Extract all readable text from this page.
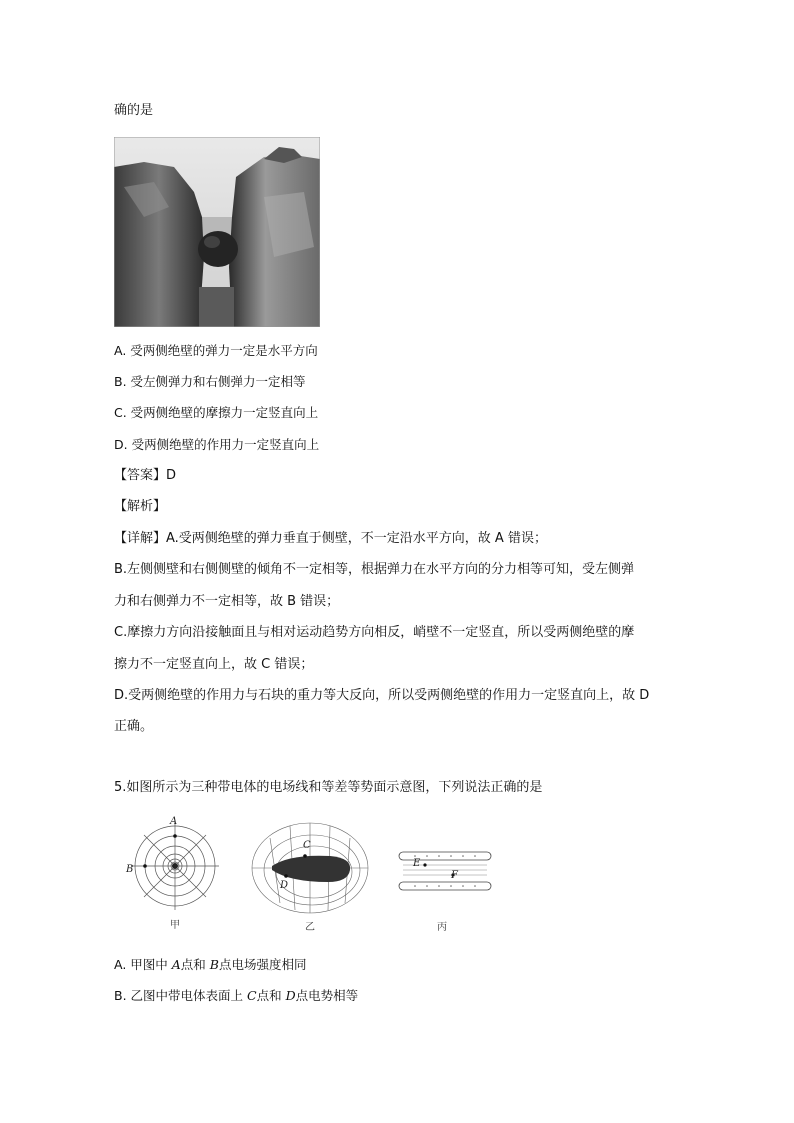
确的是
A. 受两侧绝壁的弹力一定是水平方向
B. 受左侧弹力和右侧弹力一定相等
C. 受两侧绝壁的摩擦力一定竖直向上
D. 受两侧绝壁的作用力一定竖直向上
【答案】D
【解析】
【详解】A.受两侧绝壁的弹力垂直于侧壁，不一定沿水平方向，故 A 错误；
B.左侧侧壁和右侧侧壁的倾角不一定相等，根据弹力在水平方向的分力相等可知，受左侧弹
力和右侧弹力不一定相等，故 B 错误；
C.摩擦力方向沿接触面且与相对运动趋势方向相反，峭壁不一定竖直，所以受两侧绝壁的摩
擦力不一定竖直向上，故 C 错误；
D.受两侧绝壁的作用力与石块的重力等大反向，所以受两侧绝壁的作用力一定竖直向上，故 D
正确。
5.如图所示为三种带电体的电场线和等差等势面示意图，下列说法正确的是
A
B
甲
C
D
乙
E
F
丙
A. 甲图中 A点和 B点电场强度相同
B. 乙图中带电体表面上 C点和 D点电势相等
